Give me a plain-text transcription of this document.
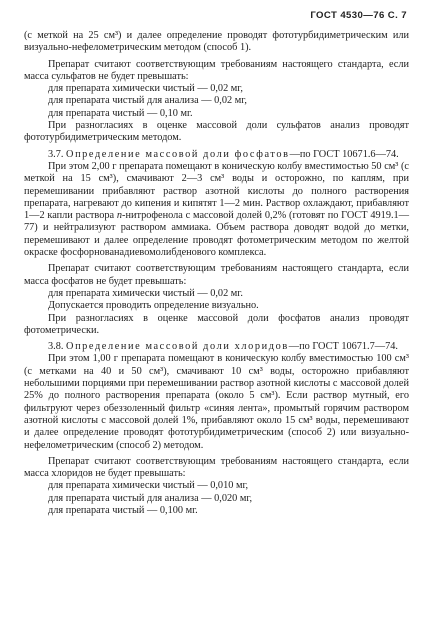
ГОСТ 4530—76 С. 7

(с меткой на 25 см³) и далее определение проводят фототурбидиметрическим или визуально-нефелометрическим методом (способ 1).

Препарат считают соответствующим требованиям настоящего стандарта, если масса сульфатов не будет превышать:

для препарата химически чистый — 0,02 мг,

для препарата чистый для анализа — 0,02 мг,

для препарата чистый — 0,10 мг.

При разногласиях в оценке массовой доли сульфатов анализ проводят фототурбидиметрическим методом.

3.7. Определение массовой доли фосфатов—по ГОСТ 10671.6—74.

При этом 2,00 г препарата помещают в коническую колбу вместимостью 50 см³ (с меткой на 15 см³), смачивают 2—3 см³ воды и осторожно, по каплям, при перемешивании прибавляют раствор азотной кислоты до полного растворения препарата, нагревают до кипения и кипятят 1—2 мин. Раствор охлаждают, прибавляют 1—2 капли раствора п-нитрофенола с массовой долей 0,2% (готовят по ГОСТ 4919.1—77) и нейтрализуют раствором аммиака. Объем раствора доводят водой до метки, перемешивают и далее определение проводят фотометрическим методом по желтой окраске фосфорнованадиевомолибденового комплекса.

Препарат считают соответствующим требованиям настоящего стандарта, если масса фосфатов не будет превышать:

для препарата химически чистый — 0,02 мг.

Допускается проводить определение визуально.

При разногласиях в оценке массовой доли фосфатов анализ проводят фотометрически.

3.8. Определение массовой доли хлоридов—по ГОСТ 10671.7—74.

При этом 1,00 г препарата помещают в коническую колбу вместимостью 100 см³ (с метками на 40 и 50 см³), смачивают 10 см³ воды, осторожно прибавляют небольшими порциями при перемешивании раствор азотной кислоты с массовой долей 25% до полного растворения препарата (около 5 см³). Если раствор мутный, его фильтруют через обеззоленный фильтр «синяя лента», промытый горячим раствором азотной кислоты с массовой долей 1%, прибавляют около 15 см³ воды, перемешивают и далее определение проводят фототурбидиметрическим (способ 2) или визуально-нефелометрическим (способ 2) методом.

Препарат считают соответствующим требованиям настоящего стандарта, если масса хлоридов не будет превышать:

для препарата химически чистый — 0,010 мг,

для препарата чистый для анализа — 0,020 мг,

для препарата чистый — 0,100 мг.
